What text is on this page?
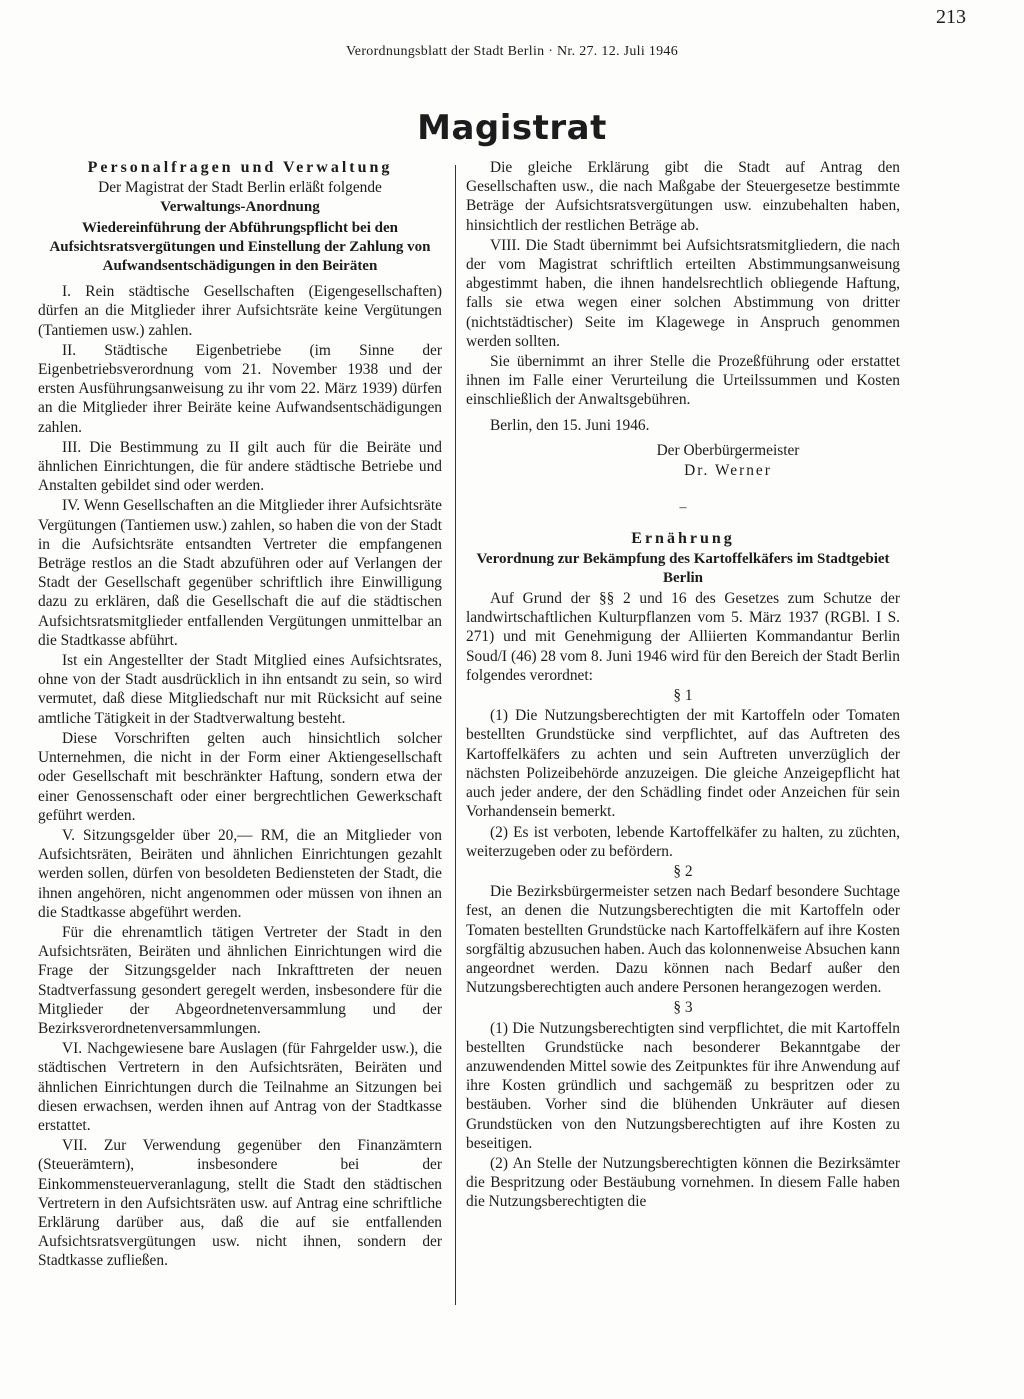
213
Verordnungsblatt der Stadt Berlin · Nr. 27. 12. Juli 1946
Magistrat

Personalfragen und Verwaltung

Der Magistrat der Stadt Berlin erläßt folgende

Verwaltungs-Anordnung

Wiedereinführung der Abführungspflicht bei den Aufsichtsratsvergütungen und Einstellung der Zahlung von Aufwandsentschädigungen in den Beiräten

I. Rein städtische Gesellschaften (Eigengesellschaften) dürfen an die Mitglieder ihrer Aufsichtsräte keine Vergütungen (Tantiemen usw.) zahlen.

II. Städtische Eigenbetriebe (im Sinne der Eigenbetriebsverordnung vom 21. November 1938 und der ersten Ausführungsanweisung zu ihr vom 22. März 1939) dürfen an die Mitglieder ihrer Beiräte keine Aufwandsentschädigungen zahlen.

III. Die Bestimmung zu II gilt auch für die Beiräte und ähnlichen Einrichtungen, die für andere städtische Betriebe und Anstalten gebildet sind oder werden.

IV. Wenn Gesellschaften an die Mitglieder ihrer Aufsichtsräte Vergütungen (Tantiemen usw.) zahlen, so haben die von der Stadt in die Aufsichtsräte entsandten Vertreter die empfangenen Beträge restlos an die Stadt abzuführen oder auf Verlangen der Stadt der Gesellschaft gegenüber schriftlich ihre Einwilligung dazu zu erklären, daß die Gesellschaft die auf die städtischen Aufsichtsratsmitglieder entfallenden Vergütungen unmittelbar an die Stadtkasse abführt.

Ist ein Angestellter der Stadt Mitglied eines Aufsichtsrates, ohne von der Stadt ausdrücklich in ihn entsandt zu sein, so wird vermutet, daß diese Mitgliedschaft nur mit Rücksicht auf seine amtliche Tätigkeit in der Stadtverwaltung besteht.

Diese Vorschriften gelten auch hinsichtlich solcher Unternehmen, die nicht in der Form einer Aktiengesellschaft oder Gesellschaft mit beschränkter Haftung, sondern etwa der einer Genossenschaft oder einer bergrechtlichen Gewerkschaft geführt werden.

V. Sitzungsgelder über 20,— RM, die an Mitglieder von Aufsichtsräten, Beiräten und ähnlichen Einrichtungen gezahlt werden sollen, dürfen von besoldeten Bediensteten der Stadt, die ihnen angehören, nicht angenommen oder müssen von ihnen an die Stadtkasse abgeführt werden.

Für die ehrenamtlich tätigen Vertreter der Stadt in den Aufsichtsräten, Beiräten und ähnlichen Einrichtungen wird die Frage der Sitzungsgelder nach Inkrafttreten der neuen Stadtverfassung gesondert geregelt werden, insbesondere für die Mitglieder der Abgeordnetenversammlung und der Bezirksverordnetenversammlungen.

VI. Nachgewiesene bare Auslagen (für Fahrgelder usw.), die städtischen Vertretern in den Aufsichtsräten, Beiräten und ähnlichen Einrichtungen durch die Teilnahme an Sitzungen bei diesen erwachsen, werden ihnen auf Antrag von der Stadtkasse erstattet.

VII. Zur Verwendung gegenüber den Finanzämtern (Steuerämtern), insbesondere bei der Einkommensteuerveranlagung, stellt die Stadt den städtischen Vertretern in den Aufsichtsräten usw. auf Antrag eine schriftliche Erklärung darüber aus, daß die auf sie entfallenden Aufsichtsratsvergütungen usw. nicht ihnen, sondern der Stadtkasse zufließen.

Die gleiche Erklärung gibt die Stadt auf Antrag den Gesellschaften usw., die nach Maßgabe der Steuergesetze bestimmte Beträge der Aufsichtsratsvergütungen usw. einzubehalten haben, hinsichtlich der restlichen Beträge ab.

VIII. Die Stadt übernimmt bei Aufsichtsratsmitgliedern, die nach der vom Magistrat schriftlich erteilten Abstimmungsanweisung abgestimmt haben, die ihnen handelsrechtlich obliegende Haftung, falls sie etwa wegen einer solchen Abstimmung von dritter (nichtstädtischer) Seite im Klagewege in Anspruch genommen werden sollten.

Sie übernimmt an ihrer Stelle die Prozeßführung oder erstattet ihnen im Falle einer Verurteilung die Urteilssummen und Kosten einschließlich der Anwaltsgebühren.

Berlin, den 15. Juni 1946.

Der Oberbürgermeister

Dr. Werner

–

Ernährung

Verordnung zur Bekämpfung des Kartoffelkäfers im Stadtgebiet Berlin

Auf Grund der §§ 2 und 16 des Gesetzes zum Schutze der landwirtschaftlichen Kulturpflanzen vom 5. März 1937 (RGBl. I S. 271) und mit Genehmigung der Alliierten Kommandantur Berlin Soud/I (46) 28 vom 8. Juni 1946 wird für den Bereich der Stadt Berlin folgendes verordnet:

§ 1

(1) Die Nutzungsberechtigten der mit Kartoffeln oder Tomaten bestellten Grundstücke sind verpflichtet, auf das Auftreten des Kartoffelkäfers zu achten und sein Auftreten unverzüglich der nächsten Polizeibehörde anzuzeigen. Die gleiche Anzeigepflicht hat auch jeder andere, der den Schädling findet oder Anzeichen für sein Vorhandensein bemerkt.

(2) Es ist verboten, lebende Kartoffelkäfer zu halten, zu züchten, weiterzugeben oder zu befördern.

§ 2

Die Bezirksbürgermeister setzen nach Bedarf besondere Suchtage fest, an denen die Nutzungsberechtigten die mit Kartoffeln oder Tomaten bestellten Grundstücke nach Kartoffelkäfern auf ihre Kosten sorgfältig abzusuchen haben. Auch das kolonnenweise Absuchen kann angeordnet werden. Dazu können nach Bedarf außer den Nutzungsberechtigten auch andere Personen herangezogen werden.

§ 3

(1) Die Nutzungsberechtigten sind verpflichtet, die mit Kartoffeln bestellten Grundstücke nach besonderer Bekanntgabe der anzuwendenden Mittel sowie des Zeitpunktes für ihre Anwendung auf ihre Kosten gründlich und sachgemäß zu bespritzen oder zu bestäuben. Vorher sind die blühenden Unkräuter auf diesen Grundstücken von den Nutzungsberechtigten auf ihre Kosten zu beseitigen.

(2) An Stelle der Nutzungsberechtigten können die Bezirksämter die Bespritzung oder Bestäubung vornehmen. In diesem Falle haben die Nutzungsberechtigten die
